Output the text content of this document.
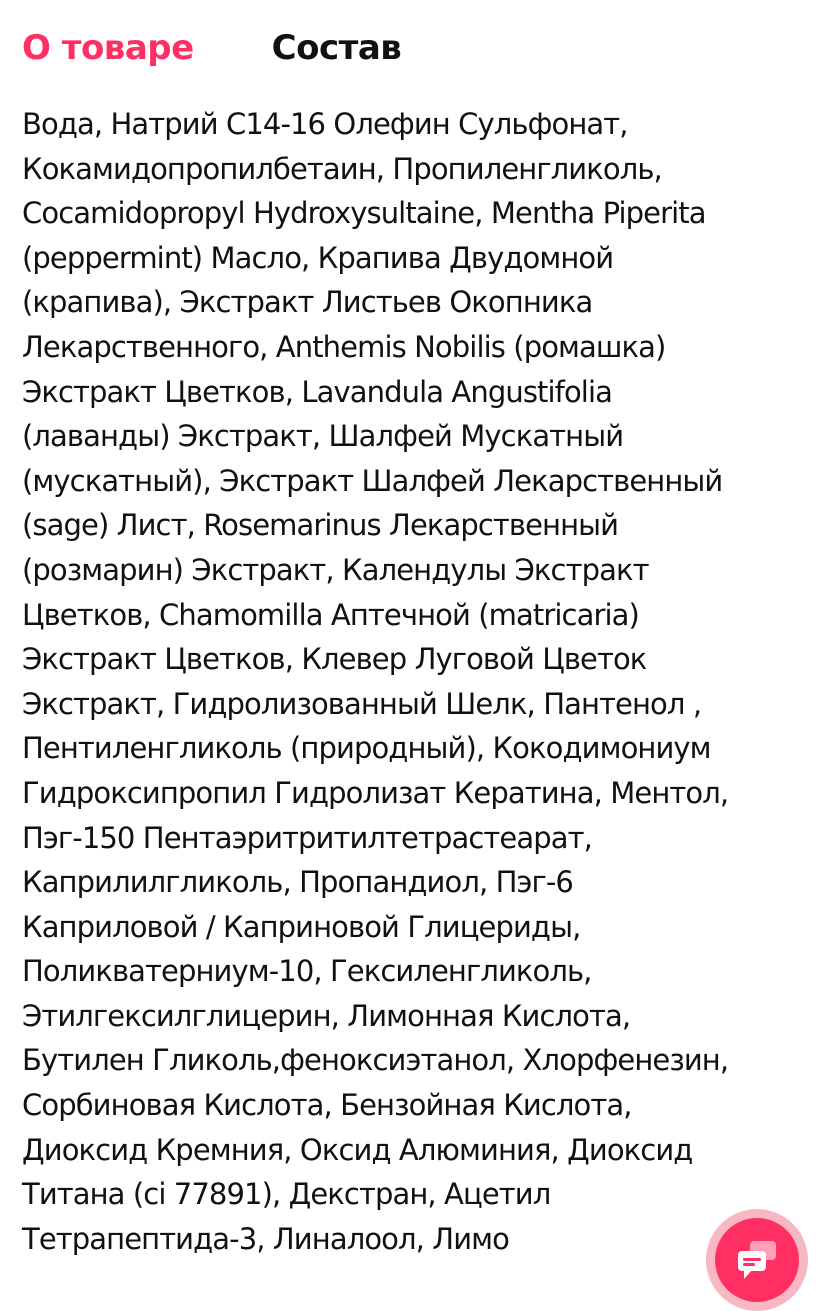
О товаре Состав

Вода, Натрий С14-16 Олефин Сульфонат,
Кокамидопропилбетаин, Пропиленгликоль,
Cocamidopropyl Hydroxysultaine, Mentha Piperita
(peppermint) Масло, Крапива Двудомной
(крапива), Экстракт Листьев Окопника
Лекарственного, Anthemis Nobilis (ромашка)
Экстракт Цветков, Lavandula Angustifolia
(лаванды) Экстракт, Шалфей Мускатный
(мускатный), Экстракт Шалфей Лекарственный
(sage) Лист, Rosemarinus Лекарственный
(розмарин) Экстракт, Календулы Экстракт
Цветков, Chamomilla Аптечной (matricaria)
Экстракт Цветков, Клевер Луговой Цветок
Экстракт, Гидролизованный Шелк, Пантенол ,
Пентиленгликоль (природный), Кокодимониум
Гидроксипропил Гидролизат Кератина, Ментол,
Пэг-150 Пентаэритритилтетрастеарат,
Каприлилгликоль, Пропандиол, Пэг-6
Каприловой / Каприновой Глицериды,
Поликватерниум-10, Гексиленгликоль,
Этилгексилглицерин, Лимонная Кислота,
Бутилен Гликоль,феноксиэтанол, Хлорфенезин,
Сорбиновая Кислота, Бензойная Кислота,
Диоксид Кремния, Оксид Алюминия, Диоксид
Титана (ci 77891), Декстран, Ацетил
Тетрапептида-3, Линалоол, Лимо
